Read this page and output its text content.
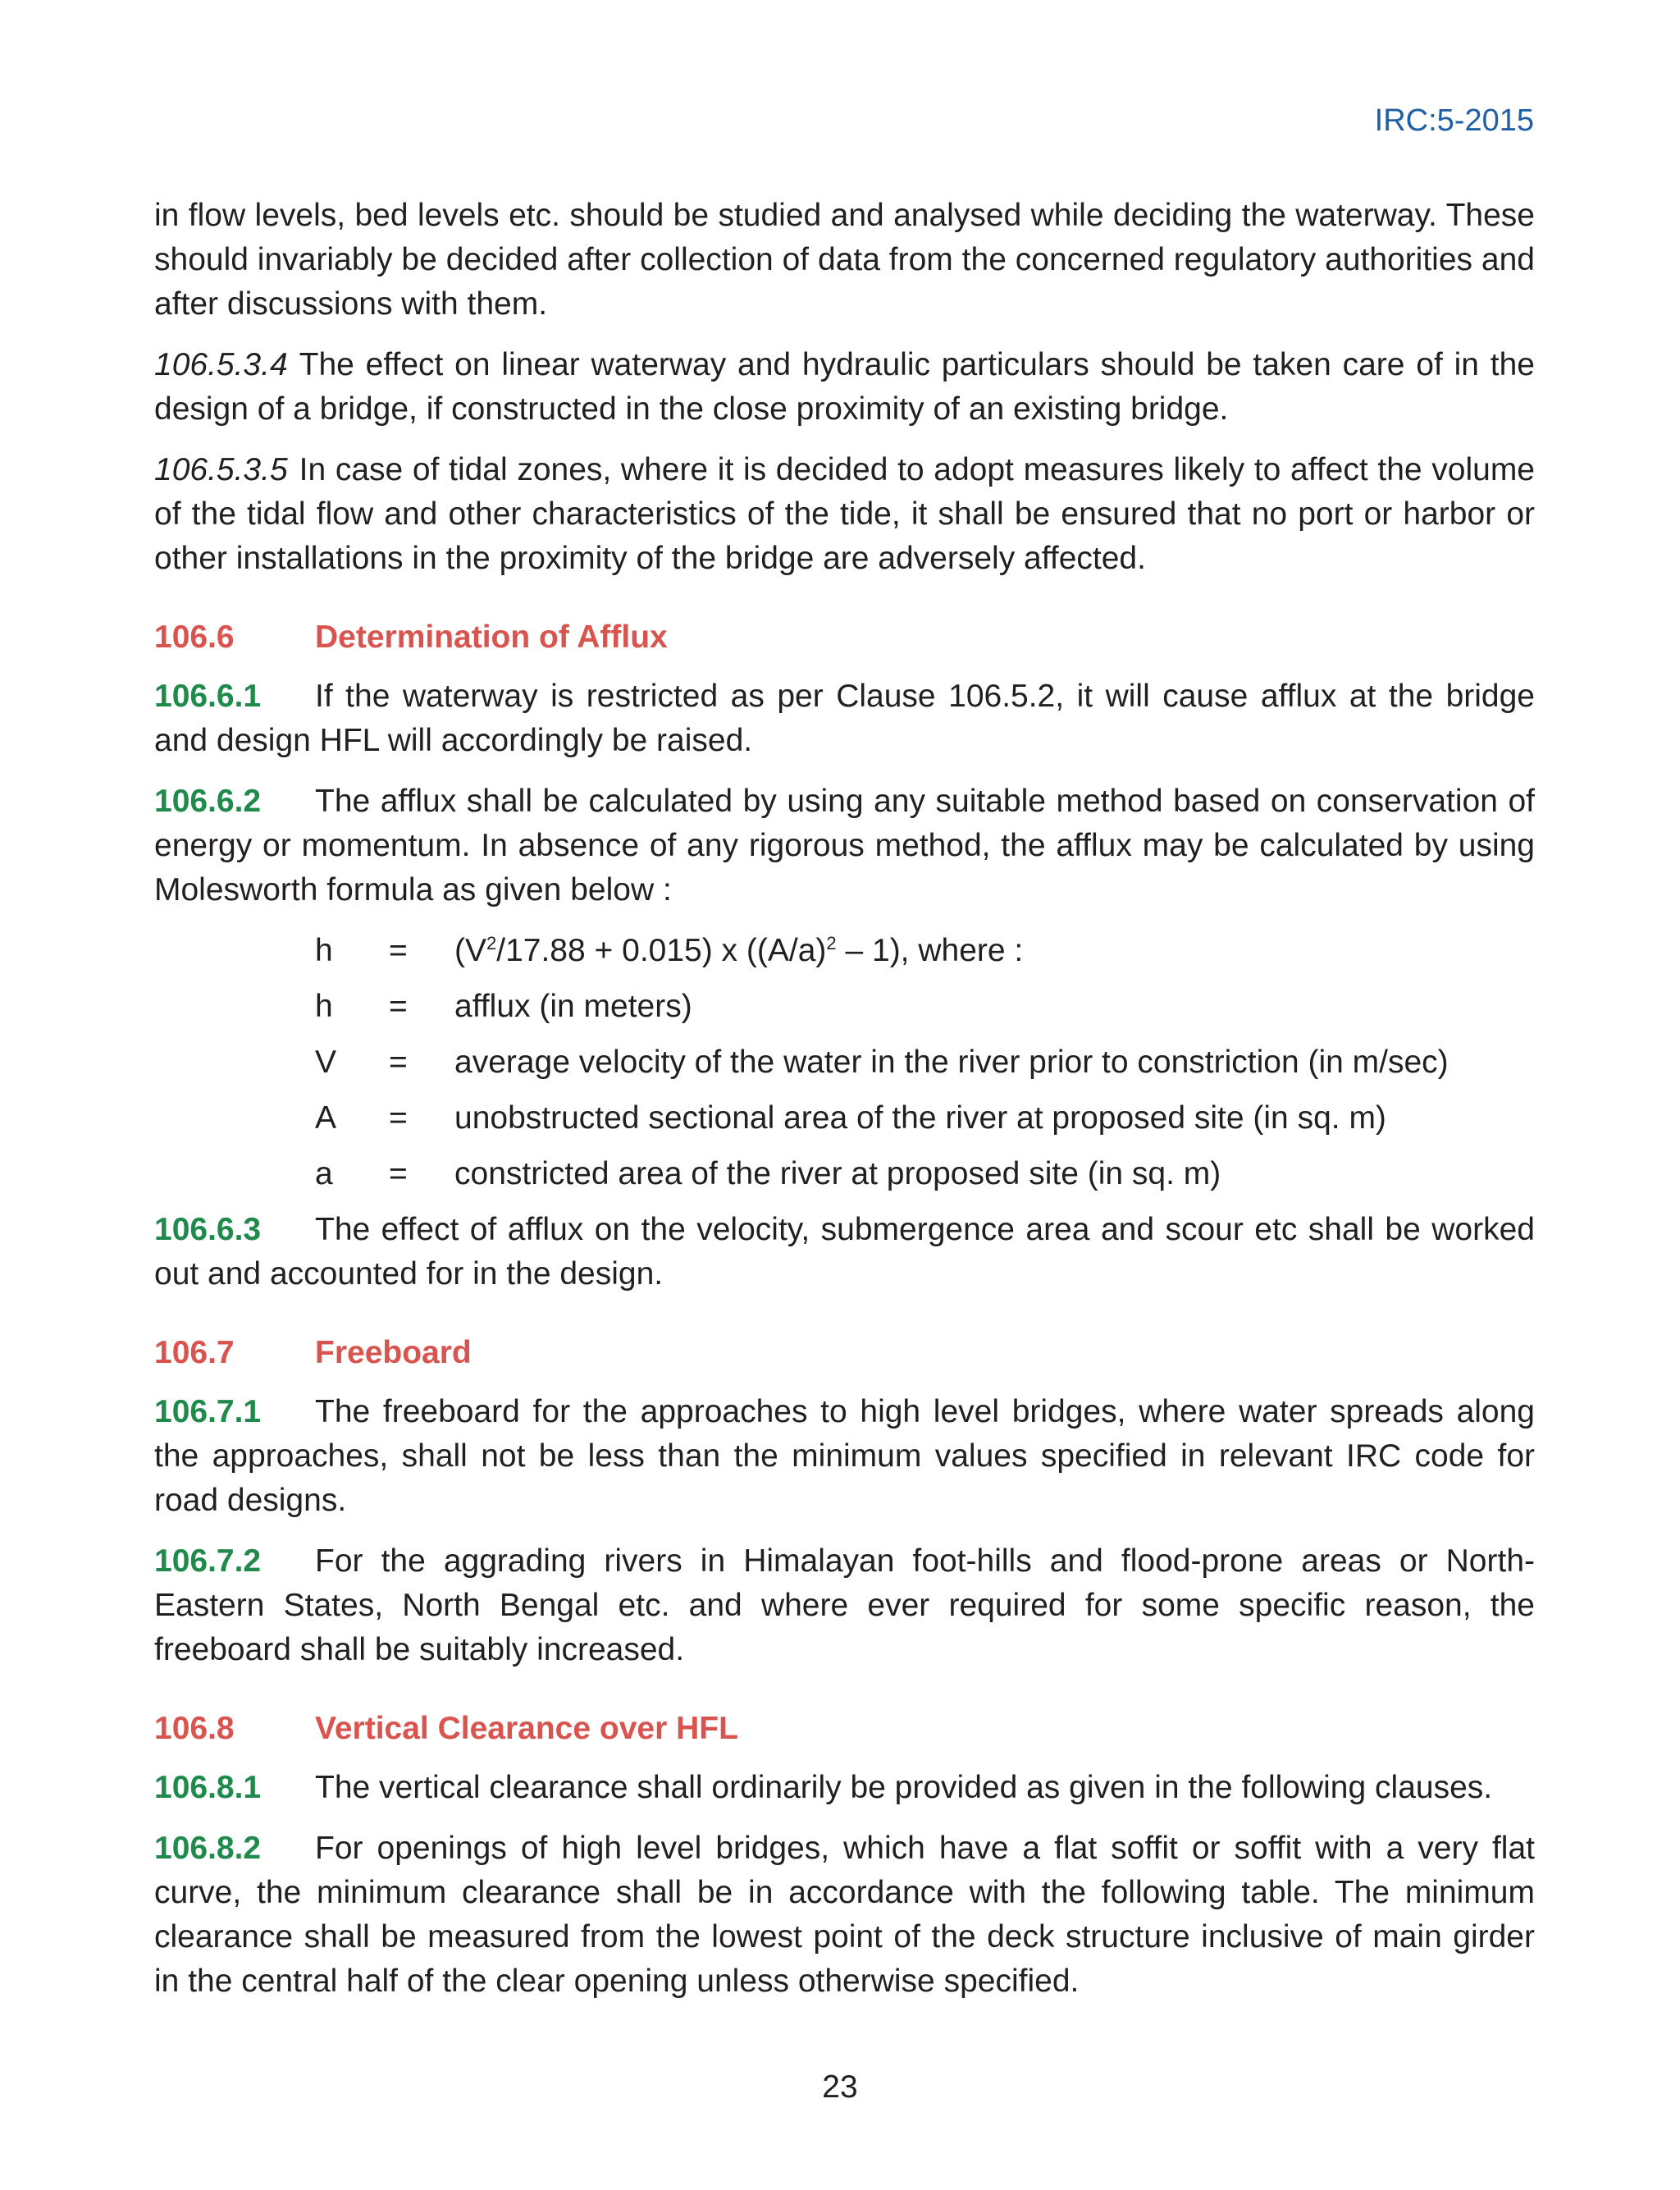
IRC:5-2015

in flow levels, bed levels etc. should be studied and analysed while deciding the waterway. These should invariably be decided after collection of data from the concerned regulatory authorities and after discussions with them.

106.5.3.4 The effect on linear waterway and hydraulic particulars should be taken care of in the design of a bridge, if constructed in the close proximity of an existing bridge.

106.5.3.5 In case of tidal zones, where it is decided to adopt measures likely to affect the volume of the tidal flow and other characteristics of the tide, it shall be ensured that no port or harbor or other installations in the proximity of the bridge are adversely affected.

106.6	Determination of Afflux

106.6.1 If the waterway is restricted as per Clause 106.5.2, it will cause afflux at the bridge and design HFL will accordingly be raised.

106.6.2 The afflux shall be calculated by using any suitable method based on conservation of energy or momentum. In absence of any rigorous method, the afflux may be calculated by using Molesworth formula as given below :

h	=	$(V^2/17.88 + 0.015)$ x $((A/a)^2 - 1)$, where :
h	=	afflux (in meters)
V	=	average velocity of the water in the river prior to constriction (in m/sec)
A	=	unobstructed sectional area of the river at proposed site (in sq. m)
a	=	constricted area of the river at proposed site (in sq. m)

106.6.3 The effect of afflux on the velocity, submergence area and scour etc shall be worked out and accounted for in the design.

106.7	Freeboard

106.7.1 The freeboard for the approaches to high level bridges, where water spreads along the approaches, shall not be less than the minimum values specified in relevant IRC code for road designs.

106.7.2 For the aggrading rivers in Himalayan foot-hills and flood-prone areas or North-Eastern States, North Bengal etc. and where ever required for some specific reason, the freeboard shall be suitably increased.

106.8	Vertical Clearance over HFL

106.8.1 The vertical clearance shall ordinarily be provided as given in the following clauses.

106.8.2 For openings of high level bridges, which have a flat soffit or soffit with a very flat curve, the minimum clearance shall be in accordance with the following table. The minimum clearance shall be measured from the lowest point of the deck structure inclusive of main girder in the central half of the clear opening unless otherwise specified.

23
